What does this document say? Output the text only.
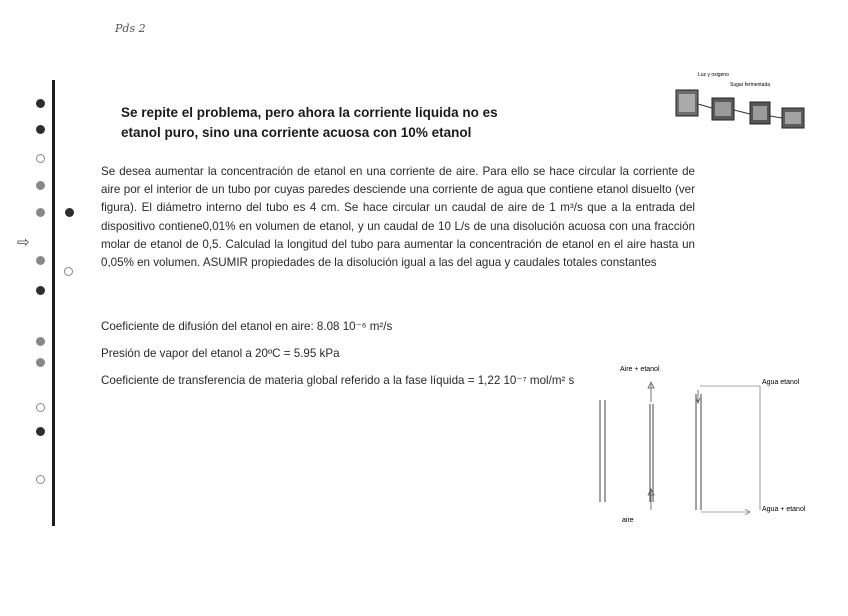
Pds 2
⇨
Luz y oxigeno
Sugar fermentada
Se repite el problema, pero ahora la corriente liquida no es
etanol puro, sino una corriente acuosa con 10% etanol
Se desea aumentar la concentración de etanol en una corriente de aire. Para ello se hace circular la corriente de aire por el interior de un tubo por cuyas paredes desciende una corriente de agua que contiene etanol disuelto (ver figura). El diámetro interno del tubo es 4 cm. Se hace circular un caudal de aire de 1 m³/s que a la entrada del dispositivo contiene0,01% en volumen de etanol, y un caudal de 10 L/s de una disolución acuosa con una fracción molar de etanol de 0,5. Calculad la longitud del tubo para aumentar la concentración de etanol en el aire hasta un 0,05% en volumen. ASUMIR propiedades de la disolución igual a las del agua y caudales totales constantes
Coeficiente de difusión del etanol en aire: 8.08 10⁻⁶ m²/s
Presión de vapor del etanol a 20ºC = 5.95 kPa
Coeficiente de transferencia de materia global referido a la fase líquida = 1,22 10⁻⁷ mol/m² s
Aire + etanol
Agua etanol
aire
Agua + etanol
